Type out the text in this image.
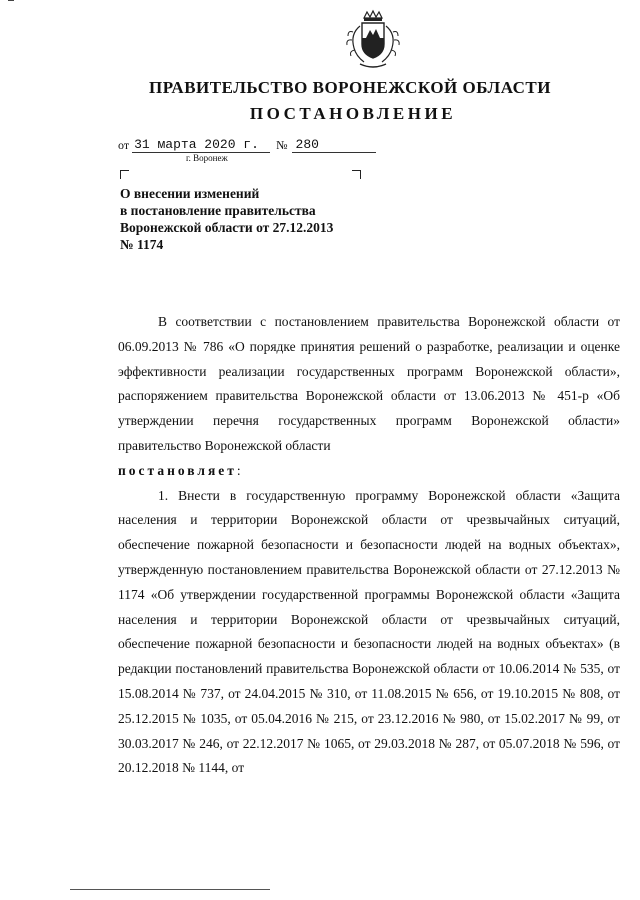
ПРАВИТЕЛЬСТВО ВОРОНЕЖСКОЙ ОБЛАСТИ
ПОСТАНОВЛЕНИЕ
от 31 марта 2020 г.	№ 280
г. Воронеж
О внесении изменений
в постановление правительства
Воронежской области от 27.12.2013
№ 1174

В соответствии с постановлением правительства Воронежской области от 06.09.2013 № 786 «О порядке принятия решений о разработке, реализации и оценке эффективности реализации государственных программ Воронежской области», распоряжением правительства Воронежской области от 13.06.2013 № 451-р «Об утверждении перечня государственных программ Воронежской области» правительство Воронежской области

постановляет:

1. Внести в государственную программу Воронежской области «Защита населения и территории Воронежской области от чрезвычайных ситуаций, обеспечение пожарной безопасности и безопасности людей на водных объектах», утвержденную постановлением правительства Воронежской области от 27.12.2013 № 1174 «Об утверждении государственной программы Воронежской области «Защита населения и территории Воронежской области от чрезвычайных ситуаций, обеспечение пожарной безопасности и безопасности людей на водных объектах» (в редакции постановлений правительства Воронежской области от 10.06.2014 № 535, от 15.08.2014 № 737, от 24.04.2015 № 310, от 11.08.2015 № 656, от 19.10.2015 № 808, от 25.12.2015 № 1035, от 05.04.2016 № 215, от 23.12.2016 № 980, от 15.02.2017 № 99, от 30.03.2017 № 246, от 22.12.2017 № 1065, от 29.03.2018 № 287, от 05.07.2018 № 596, от 20.12.2018 № 1144, от
